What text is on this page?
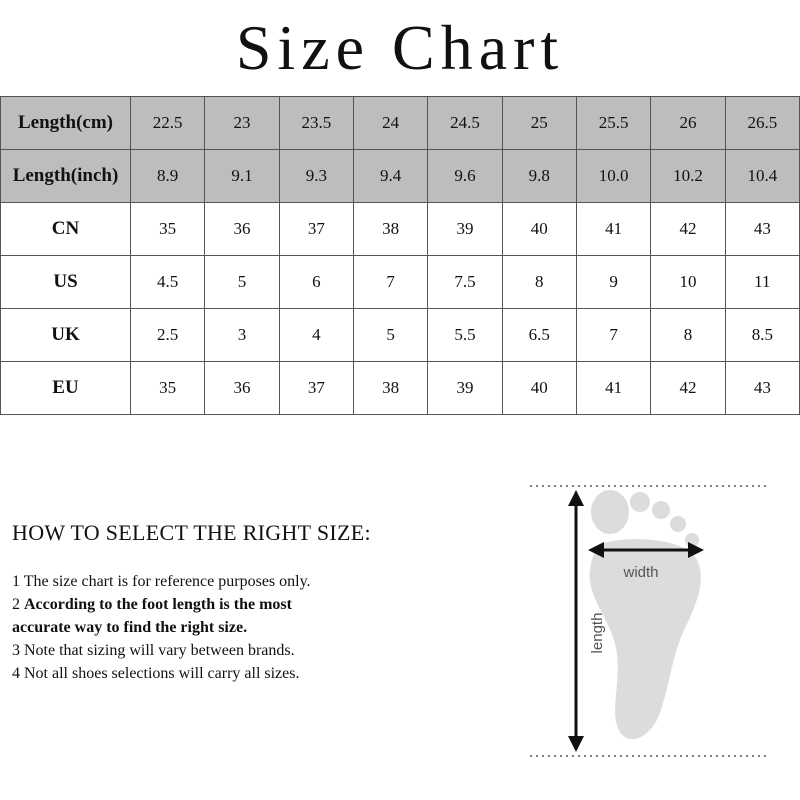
Size Chart
Length(cm)	22.5	23	23.5	24	24.5	25	25.5	26	26.5
Length(inch)	8.9	9.1	9.3	9.4	9.6	9.8	10.0	10.2	10.4
CN	35	36	37	38	39	40	41	42	43
US	4.5	5	6	7	7.5	8	9	10	11
UK	2.5	3	4	5	5.5	6.5	7	8	8.5
EU	35	36	37	38	39	40	41	42	43
HOW TO SELECT THE RIGHT SIZE:
1 The size chart is for reference purposes only.
2 According to the foot length is the most
accurate way to find the right size.
3 Note that sizing will vary between brands.
4 Not all shoes selections will carry all sizes.
width
length
